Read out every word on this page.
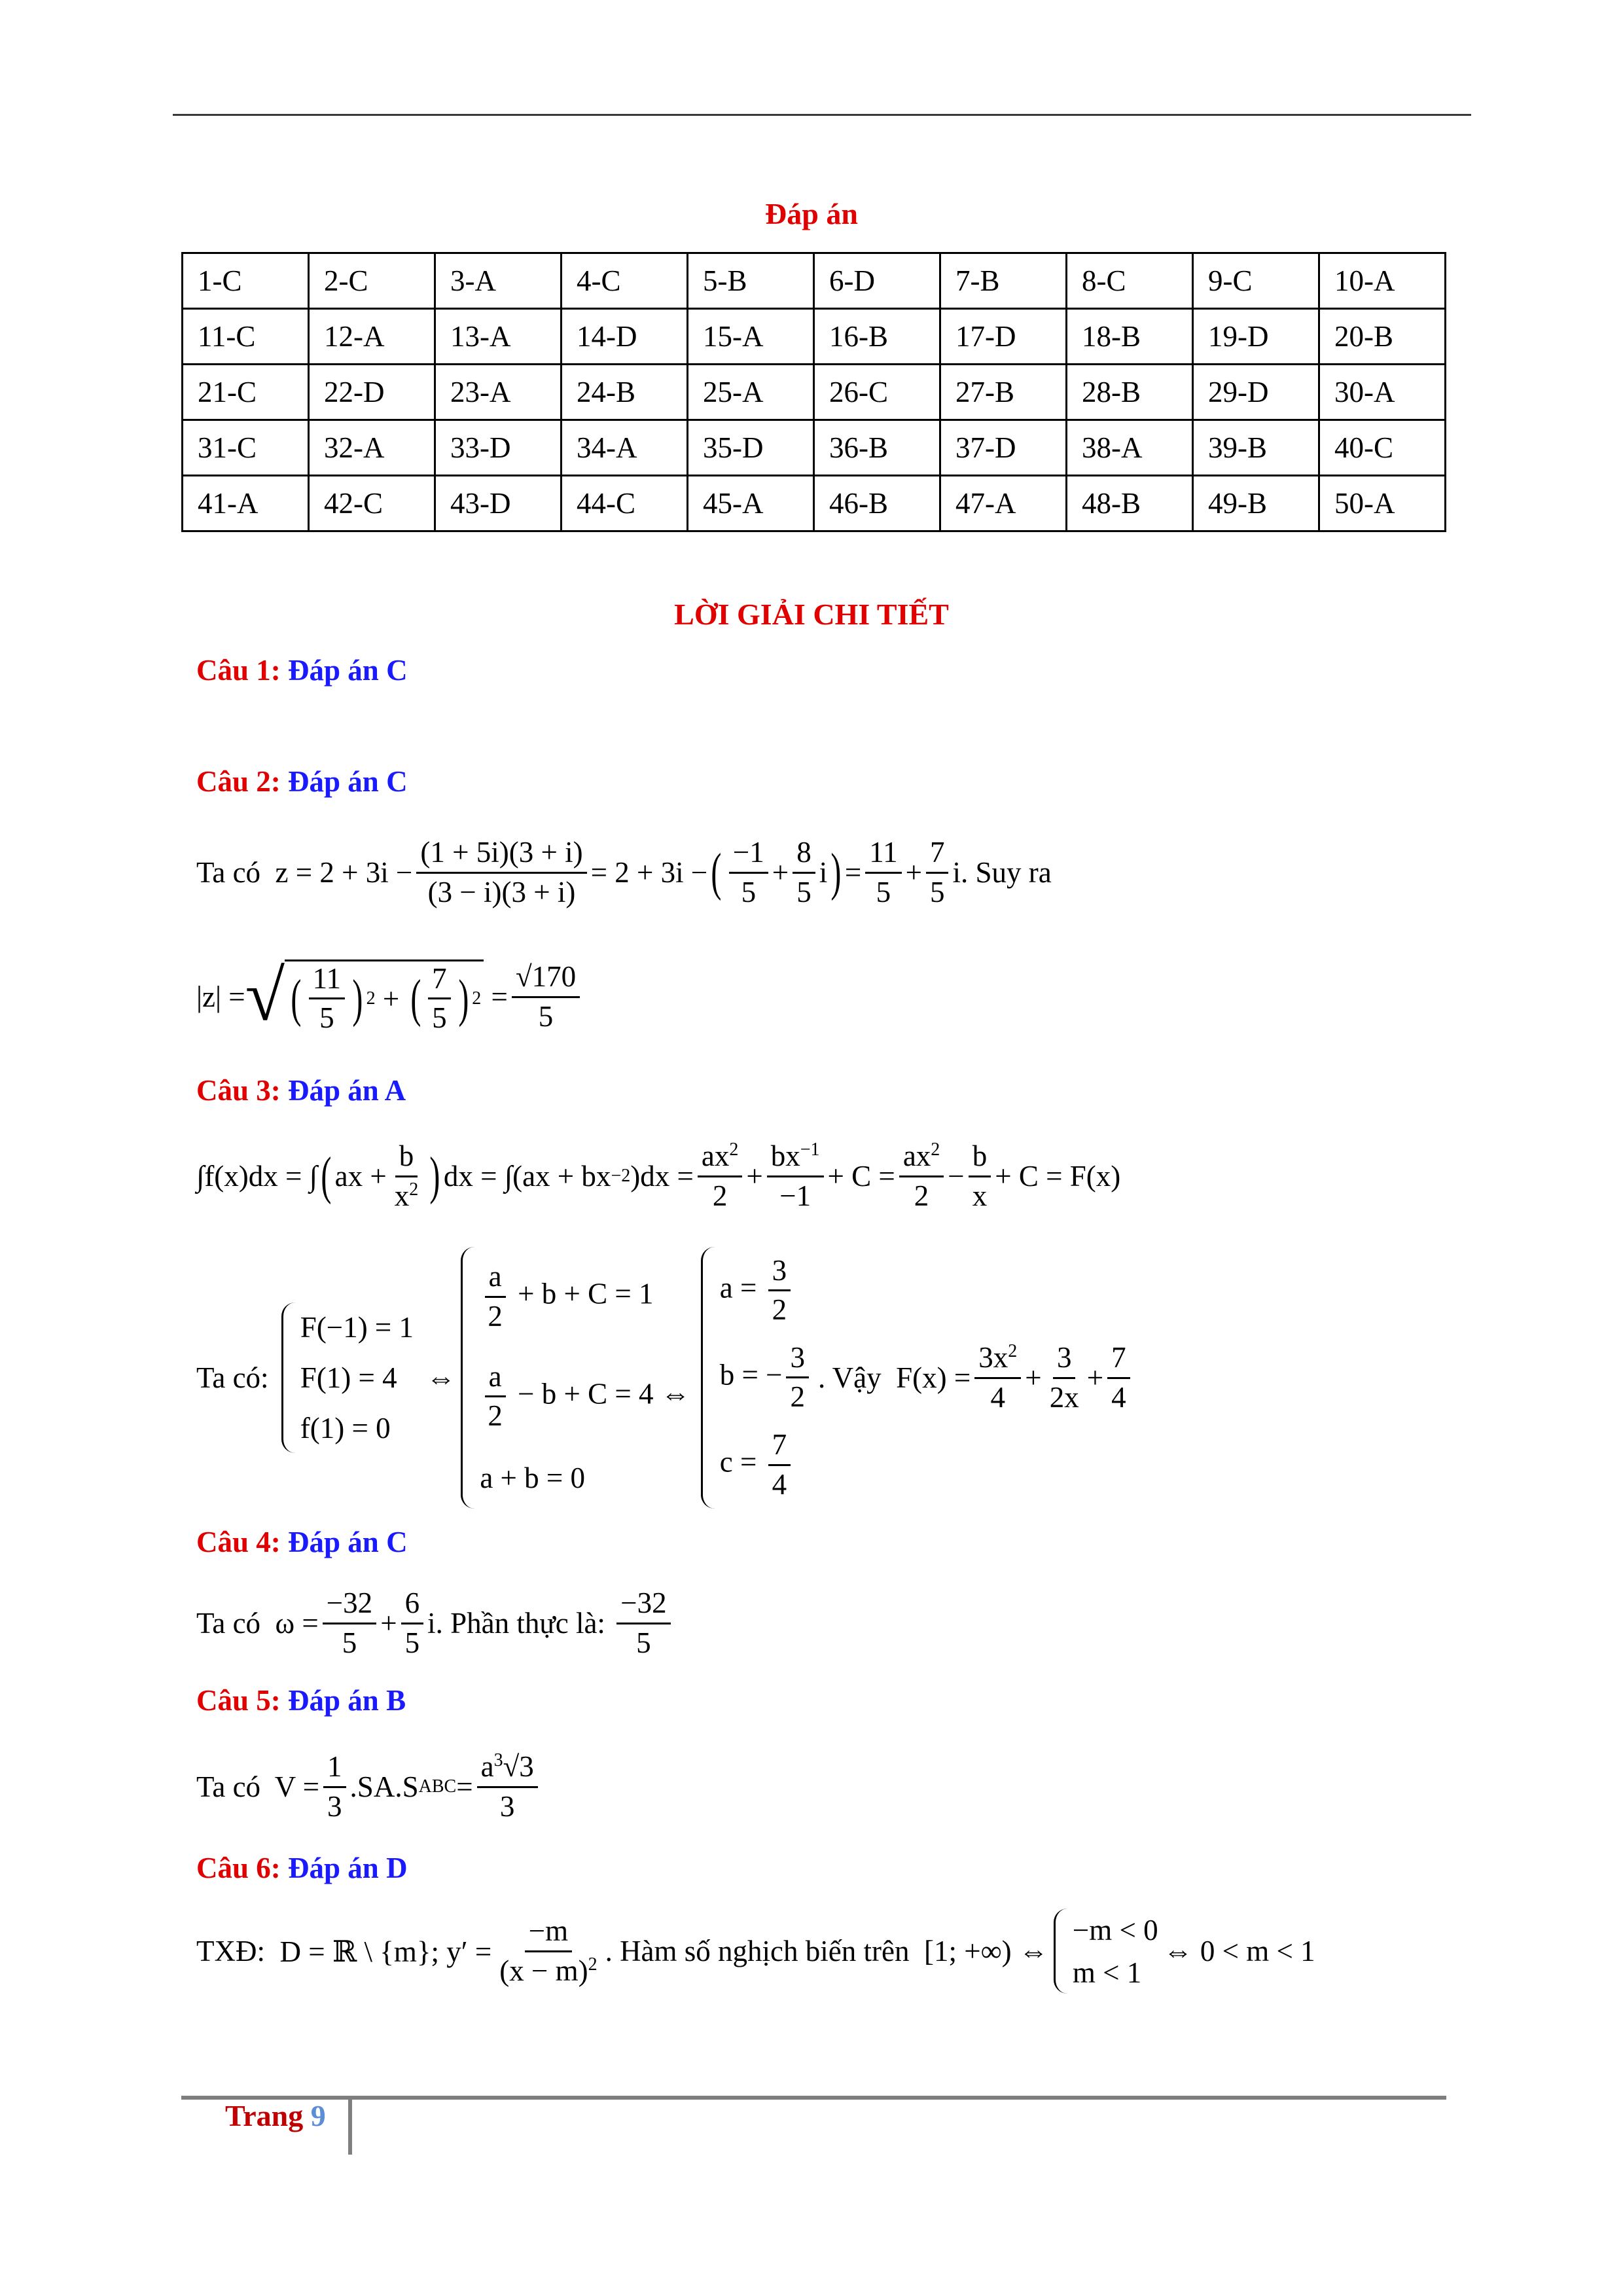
Đáp án
1-C	2-C	3-A	4-C	5-B	6-D	7-B	8-C	9-C	10-A
11-C	12-A	13-A	14-D	15-A	16-B	17-D	18-B	19-D	20-B
21-C	22-D	23-A	24-B	25-A	26-C	27-B	28-B	29-D	30-A
31-C	32-A	33-D	34-A	35-D	36-B	37-D	38-A	39-B	40-C
41-A	42-C	43-D	44-C	45-A	46-B	47-A	48-B	49-B	50-A
LỜI GIẢI CHI TIẾT
Câu 1: Đáp án C
Câu 2: Đáp án C
Ta có $z = 2 + 3i - \frac{(1 + 5i)(3 + i)}{(3 - i)(3 + i)} = 2 + 3i$ − ( $\frac{-1}{5} + \frac{8}{5}$ i ) = $\frac{11}{5} + \frac{7}{5}$ i . Suy ra
|z| = √ ( $\frac{11}{5}$ ) 2 + ( $\frac{7}{5}$ ) $2 = \frac{√170}{5}$
Câu 3: Đáp án A
∫f(x)dx = ∫ ( ax + $\frac{b}{x^2}$ ) dx = ∫(ax + bx −2 )$dx = \frac{ax^2}{2} + \frac{bx^{-1}}{-1} + C = \frac{ax^2}{2} - \frac{b}{x} + C = F(x)$
Ta có:

F(−1) = 1
F(1) = 4
f(1) = 0
⇔
$\frac{a}{2} + b + C = 1$
$\frac{a}{2} - b + C = 4$ ⇔
a + b = 0
$a = \frac{3}{2}$
b = − $\frac{3}{2}$
$c = \frac{7}{4}$
. Vậy $F(x) = \frac{3x^2}{4} + \frac{3}{2x} + \frac{7}{4}$
Câu 4: Đáp án C
Ta có $\omega = \frac{-32}{5} + \frac{6}{5}$ i . Phần thực là:
$\frac{-32}{5}$
Câu 5: Đáp án B
Ta có $V = \frac{1}{3} .SA.S$ ABC = $\frac{a^3√3}{3}$
Câu 6: Đáp án D
TXĐ: D = ℝ \ {m}; $y' = \frac{-m}{(x - m)^2}$ . Hàm số nghịch biến trên [1; +∞) ⇔
−m < 0
m < 1
⇔ 0 < m < 1
Trang 9
